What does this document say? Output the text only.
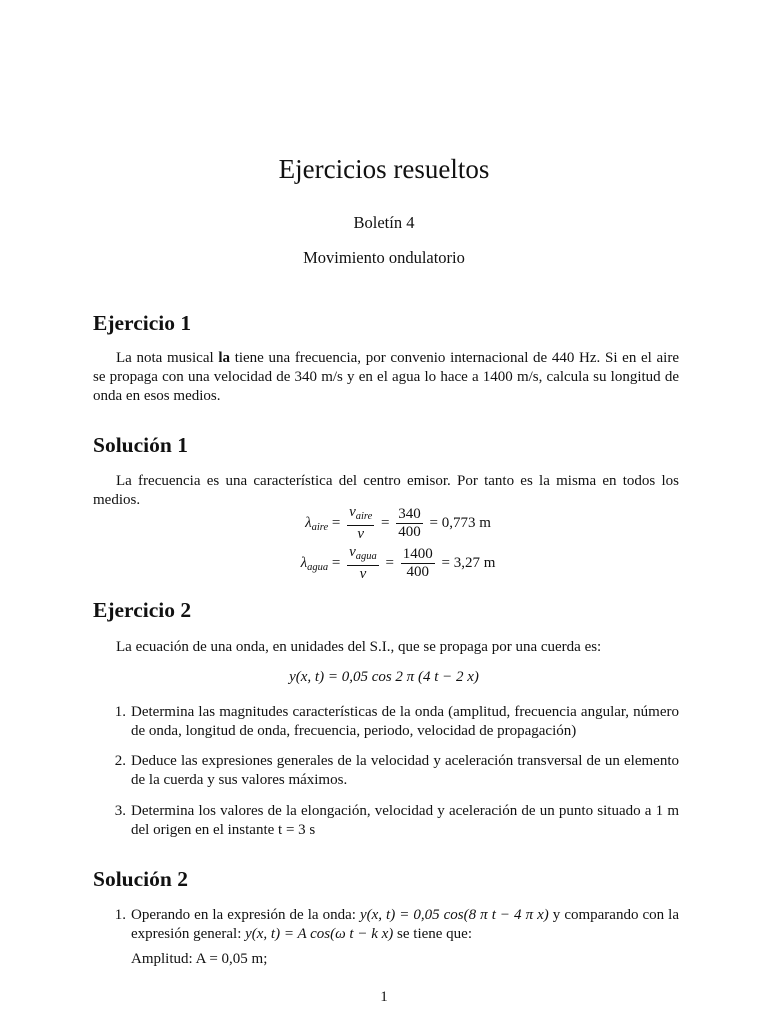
Ejercicios resueltos
Boletín 4
Movimiento ondulatorio
Ejercicio 1
La nota musical la tiene una frecuencia, por convenio internacional de 440 Hz. Si en el aire se propaga con una velocidad de 340 m/s y en el agua lo hace a 1400 m/s, calcula su longitud de onda en esos medios.
Solución 1
La frecuencia es una característica del centro emisor. Por tanto es la misma en todos los medios.
$\lambda_{aire} = \frac{v_{aire}}{\nu} = \frac{340}{400} = 0,773$ m
$\lambda_{agua} = \frac{v_{agua}}{\nu} = \frac{1400}{400} = 3,27$ m
Ejercicio 2
La ecuación de una onda, en unidades del S.I., que se propaga por una cuerda es:
y(x, t) = 0,05 cos 2 π (4 t − 2 x)
1. Determina las magnitudes características de la onda (amplitud, frecuencia angular, número de onda, longitud de onda, frecuencia, periodo, velocidad de propagación)
2. Deduce las expresiones generales de la velocidad y aceleración transversal de un elemento de la cuerda y sus valores máximos.
3. Determina los valores de la elongación, velocidad y aceleración de un punto situado a 1 m del origen en el instante t = 3 s
Solución 2
1. Operando en la expresión de la onda: y(x, t) = 0,05 cos(8 π t − 4 π x) y comparando con la expresión general: y(x, t) = A cos(ω t − k x) se tiene que:
Amplitud: A = 0,05 m;
1
